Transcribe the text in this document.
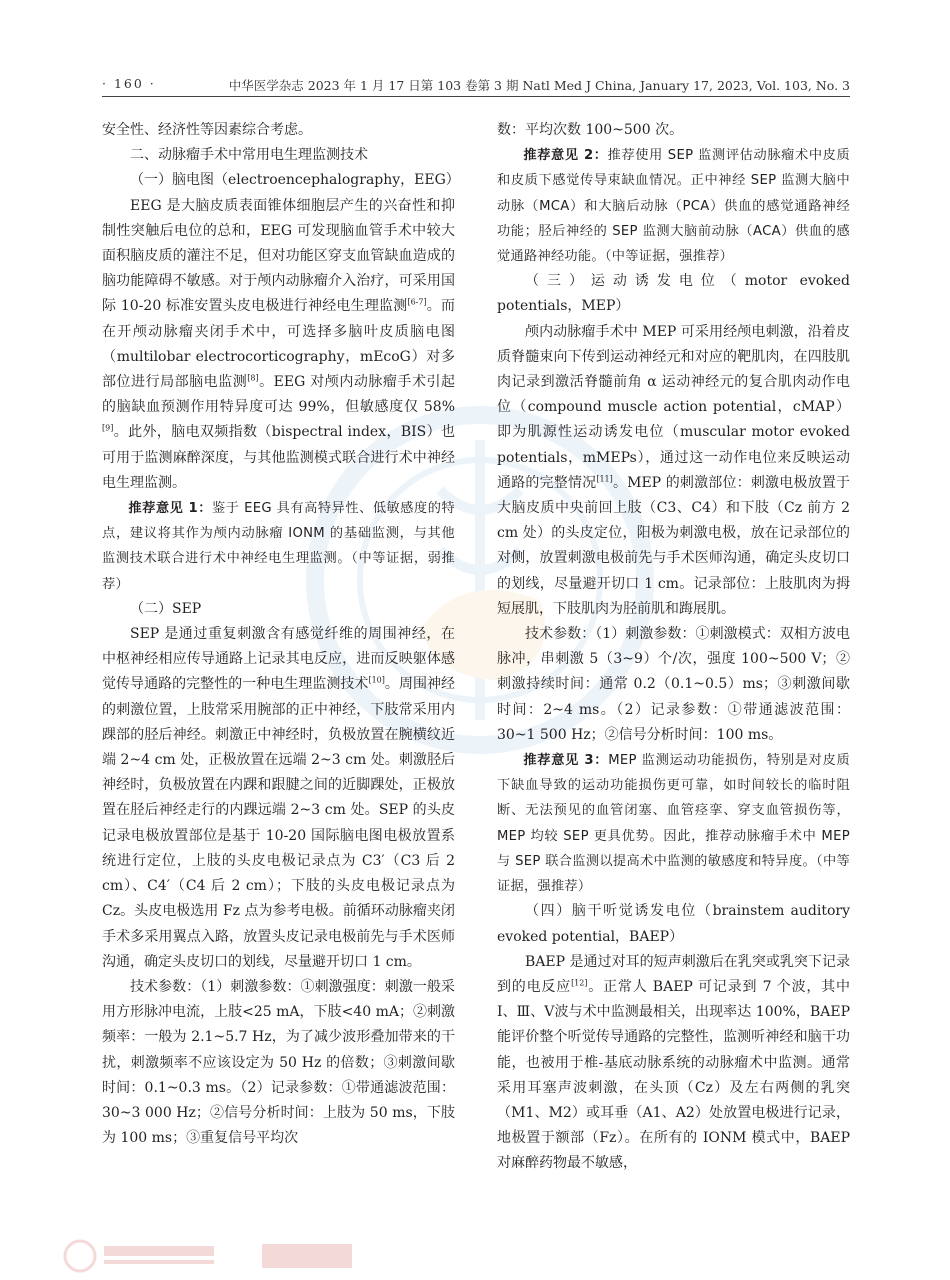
· 160 ·	中华医学杂志 2023 年 1 月 17 日第 103 卷第 3 期 Natl Med J China, January 17, 2023, Vol. 103, No. 3

安全性、经济性等因素综合考虑。

二、动脉瘤手术中常用电生理监测技术

（一）脑电图（electroencephalography，EEG）

EEG 是大脑皮质表面锥体细胞层产生的兴奋性和抑制性突触后电位的总和，EEG 可发现脑血管手术中较大面积脑皮质的灌注不足，但对功能区穿支血管缺血造成的脑功能障碍不敏感。对于颅内动脉瘤介入治疗，可采用国际 10-20 标准安置头皮电极进行神经电生理监测[6-7]。而在开颅动脉瘤夹闭手术中，可选择多脑叶皮质脑电图（multilobar electrocorticography，mEcoG）对多部位进行局部脑电监测[8]。EEG 对颅内动脉瘤手术引起的脑缺血预测作用特异度可达 99%，但敏感度仅 58%[9]。此外，脑电双频指数（bispectral index，BIS）也可用于监测麻醉深度，与其他监测模式联合进行术中神经电生理监测。

推荐意见 1：鉴于 EEG 具有高特异性、低敏感度的特点，建议将其作为颅内动脉瘤 IONM 的基础监测，与其他监测技术联合进行术中神经电生理监测。（中等证据，弱推荐）

（二）SEP

SEP 是通过重复刺激含有感觉纤维的周围神经，在中枢神经相应传导通路上记录其电反应，进而反映躯体感觉传导通路的完整性的一种电生理监测技术[10]。周围神经的刺激位置，上肢常采用腕部的正中神经，下肢常采用内踝部的胫后神经。刺激正中神经时，负极放置在腕横纹近端 2~4 cm 处，正极放置在远端 2~3 cm 处。刺激胫后神经时，负极放置在内踝和跟腱之间的近脚踝处，正极放置在胫后神经走行的内踝远端 2~3 cm 处。SEP 的头皮记录电极放置部位是基于 10-20 国际脑电图电极放置系统进行定位，上肢的头皮电极记录点为 C3′（C3 后 2 cm）、C4′（C4 后 2 cm）；下肢的头皮电极记录点为 Cz。头皮电极选用 Fz 点为参考电极。前循环动脉瘤夹闭手术多采用翼点入路，放置头皮记录电极前先与手术医师沟通，确定头皮切口的划线，尽量避开切口 1 cm。

技术参数：（1）刺激参数：①刺激强度：刺激一般采用方形脉冲电流，上肢<25 mA，下肢<40 mA；②刺激频率：一般为 2.1~5.7 Hz，为了减少波形叠加带来的干扰，刺激频率不应该设定为 50 Hz 的倍数；③刺激间歇时间：0.1~0.3 ms。（2）记录参数：①带通滤波范围：30~3 000 Hz；②信号分析时间：上肢为 50 ms，下肢为 100 ms；③重复信号平均次

数：平均次数 100~500 次。

推荐意见 2：推荐使用 SEP 监测评估动脉瘤术中皮质和皮质下感觉传导束缺血情况。正中神经 SEP 监测大脑中动脉（MCA）和大脑后动脉（PCA）供血的感觉通路神经功能；胫后神经的 SEP 监测大脑前动脉（ACA）供血的感觉通路神经功能。（中等证据，强推荐）

（三）运动诱发电位（motor evoked potentials，MEP）

颅内动脉瘤手术中 MEP 可采用经颅电刺激，沿着皮质脊髓束向下传到运动神经元和对应的靶肌肉，在四肢肌肉记录到激活脊髓前角 α 运动神经元的复合肌肉动作电位（compound muscle action potential，cMAP）即为肌源性运动诱发电位（muscular motor evoked potentials，mMEPs），通过这一动作电位来反映运动通路的完整情况[11]。MEP 的刺激部位：刺激电极放置于大脑皮质中央前回上肢（C3、C4）和下肢（Cz 前方 2 cm 处）的头皮定位，阳极为刺激电极，放在记录部位的对侧，放置刺激电极前先与手术医师沟通，确定头皮切口的划线，尽量避开切口 1 cm。记录部位：上肢肌肉为拇短展肌，下肢肌肉为胫前肌和踇展肌。

技术参数：（1）刺激参数：①刺激模式：双相方波电脉冲，串刺激 5（3~9）个/次，强度 100~500 V；②刺激持续时间：通常 0.2（0.1~0.5）ms；③刺激间歇时间：2~4 ms。（2）记录参数：①带通滤波范围：30~1 500 Hz；②信号分析时间：100 ms。

推荐意见 3：MEP 监测运动功能损伤，特别是对皮质下缺血导致的运动功能损伤更可靠，如时间较长的临时阻断、无法预见的血管闭塞、血管痉挛、穿支血管损伤等，MEP 均较 SEP 更具优势。因此，推荐动脉瘤手术中 MEP 与 SEP 联合监测以提高术中监测的敏感度和特异度。（中等证据，强推荐）

（四）脑干听觉诱发电位（brainstem auditory evoked potential，BAEP）

BAEP 是通过对耳的短声刺激后在乳突或乳突下记录到的电反应[12]。正常人 BAEP 可记录到 7 个波，其中Ⅰ、Ⅲ、Ⅴ波与术中监测最相关，出现率达 100%，BAEP 能评价整个听觉传导通路的完整性，监测听神经和脑干功能，也被用于椎-基底动脉系统的动脉瘤术中监测。通常采用耳塞声波刺激，在头顶（Cz）及左右两侧的乳突（M1、M2）或耳垂（A1、A2）处放置电极进行记录，地极置于额部（Fz）。在所有的 IONM 模式中，BAEP 对麻醉药物最不敏感，
